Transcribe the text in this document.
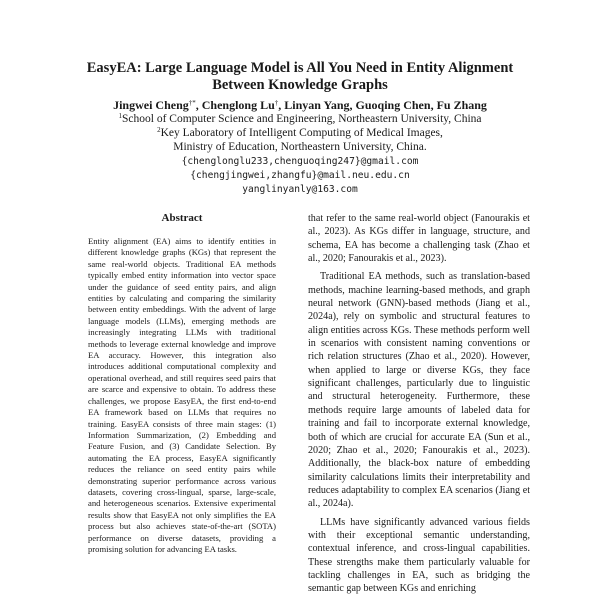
EasyEA: Large Language Model is All You Need in Entity Alignment
Between Knowledge Graphs
Jingwei Cheng†*, Chenglong Lu†, Linyan Yang, Guoqing Chen, Fu Zhang
$^1$School of Computer Science and Engineering, Northeastern University, China
$^2$Key Laboratory of Intelligent Computing of Medical Images,
Ministry of Education, Northeastern University, China.
{chenglonglu233,chenguoqing247}@gmail.com
{chengjingwei,zhangfu}@mail.neu.edu.cn
yanglinyanly@163.com
Abstract
Entity alignment (EA) aims to identify entities in different knowledge graphs (KGs) that represent the same real-world objects. Traditional EA methods typically embed entity information into vector space under the guidance of seed entity pairs, and align entities by calculating and comparing the similarity between entity embeddings. With the advent of large language models (LLMs), emerging methods are increasingly integrating LLMs with traditional methods to leverage external knowledge and improve EA accuracy. However, this integration also introduces additional computational complexity and operational overhead, and still requires seed pairs that are scarce and expensive to obtain. To address these challenges, we propose EasyEA, the first end-to-end EA framework based on LLMs that requires no training. EasyEA consists of three main stages: (1) Information Summarization, (2) Embedding and Feature Fusion, and (3) Candidate Selection. By automating the EA process, EasyEA significantly reduces the reliance on seed entity pairs while demonstrating superior performance across various datasets, covering cross-lingual, sparse, large-scale, and heterogeneous scenarios. Extensive experimental results show that EasyEA not only simplifies the EA process but also achieves state-of-the-art (SOTA) performance on diverse datasets, providing a promising solution for advancing EA tasks.

that refer to the same real-world object (Fanourakis et al., 2023). As KGs differ in language, structure, and schema, EA has become a challenging task (Zhao et al., 2020; Fanourakis et al., 2023).

Traditional EA methods, such as translation-based methods, machine learning-based methods, and graph neural network (GNN)-based methods (Jiang et al., 2024a), rely on symbolic and structural features to align entities across KGs. These methods perform well in scenarios with consistent naming conventions or rich relation structures (Zhao et al., 2020). However, when applied to large or diverse KGs, they face significant challenges, particularly due to linguistic and structural heterogeneity. Furthermore, these methods require large amounts of labeled data for training and fail to incorporate external knowledge, both of which are crucial for accurate EA (Sun et al., 2020; Zhao et al., 2020; Fanourakis et al., 2023). Additionally, the black-box nature of embedding similarity calculations limits their interpretability and reduces adaptability to complex EA scenarios (Jiang et al., 2024a).

LLMs have significantly advanced various fields with their exceptional semantic understanding, contextual inference, and cross-lingual capabilities. These strengths make them particularly valuable for tackling challenges in EA, such as bridging the semantic gap between KGs and enriching
